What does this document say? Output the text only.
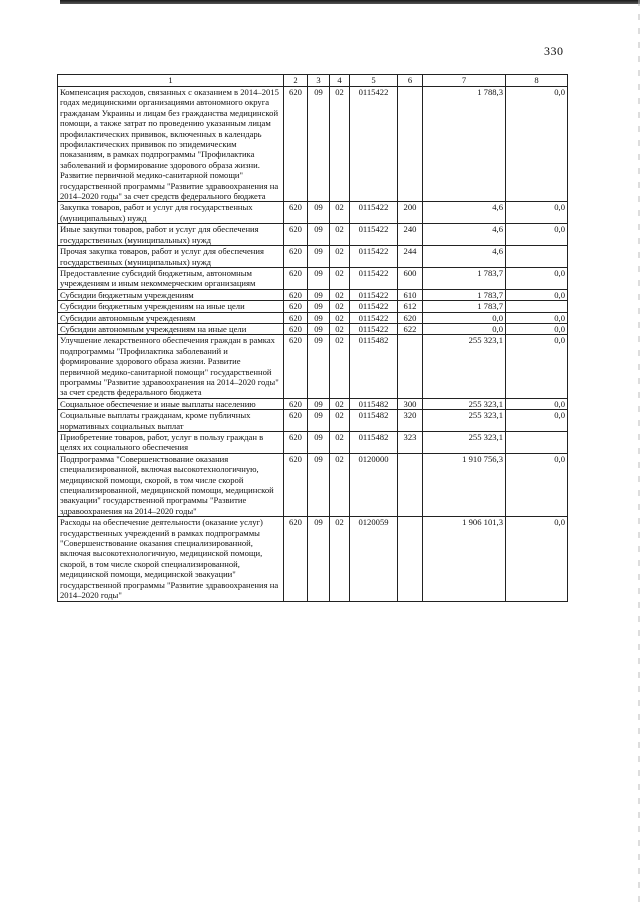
330
1	2	3	4	5	6	7	8
Компенсация расходов, связанных с оказанием в 2014–2015 годах медицинскими организациями автономного округа гражданам Украины и лицам без гражданства медицинской помощи, а также затрат по проведению указанным лицам профилактических прививок, включенных в календарь профилактических прививок по эпидемическим показаниям, в рамках подпрограммы "Профилактика заболеваний и формирование здорового образа жизни. Развитие первичной медико-санитарной помощи" государственной программы "Развитие здравоохранения на 2014–2020 годы" за счет средств федерального бюджета	620	09	02	0115422		1 788,3	0,0
Закупка товаров, работ и услуг для государственных (муниципальных) нужд	620	09	02	0115422	200	4,6	0,0
Иные закупки товаров, работ и услуг для обеспечения государственных (муниципальных) нужд	620	09	02	0115422	240	4,6	0,0
Прочая закупка товаров, работ и услуг для обеспечения государственных (муниципальных) нужд	620	09	02	0115422	244	4,6	
Предоставление субсидий бюджетным, автономным учреждениям и иным некоммерческим организациям	620	09	02	0115422	600	1 783,7	0,0
Субсидии бюджетным учреждениям	620	09	02	0115422	610	1 783,7	0,0
Субсидии бюджетным учреждениям на иные цели	620	09	02	0115422	612	1 783,7	
Субсидии автономным учреждениям	620	09	02	0115422	620	0,0	0,0
Субсидии автономным учреждениям на иные цели	620	09	02	0115422	622	0,0	0,0
Улучшение лекарственного обеспечения граждан в рамках подпрограммы "Профилактика заболеваний и формирование здорового образа жизни. Развитие первичной медико-санитарной помощи" государственной программы "Развитие здравоохранения на 2014–2020 годы" за счет средств федерального бюджета	620	09	02	0115482		255 323,1	0,0
Социальное обеспечение и иные выплаты населению	620	09	02	0115482	300	255 323,1	0,0
Социальные выплаты гражданам, кроме публичных нормативных социальных выплат	620	09	02	0115482	320	255 323,1	0,0
Приобретение товаров, работ, услуг в пользу граждан в целях их социального обеспечения	620	09	02	0115482	323	255 323,1	
Подпрограмма "Совершенствование оказания специализированной, включая высокотехнологичную, медицинской помощи, скорой, в том числе скорой специализированной, медицинской помощи, медицинской эвакуации" государственной программы "Развитие здравоохранения на 2014–2020 годы"	620	09	02	0120000		1 910 756,3	0,0
Расходы на обеспечение деятельности (оказание услуг) государственных учреждений в рамках подпрограммы "Совершенствование оказания специализированной, включая высокотехнологичную, медицинской помощи, скорой, в том числе скорой специализированной, медицинской помощи, медицинской эвакуации" государственной программы "Развитие здравоохранения на 2014–2020 годы"	620	09	02	0120059		1 906 101,3	0,0
